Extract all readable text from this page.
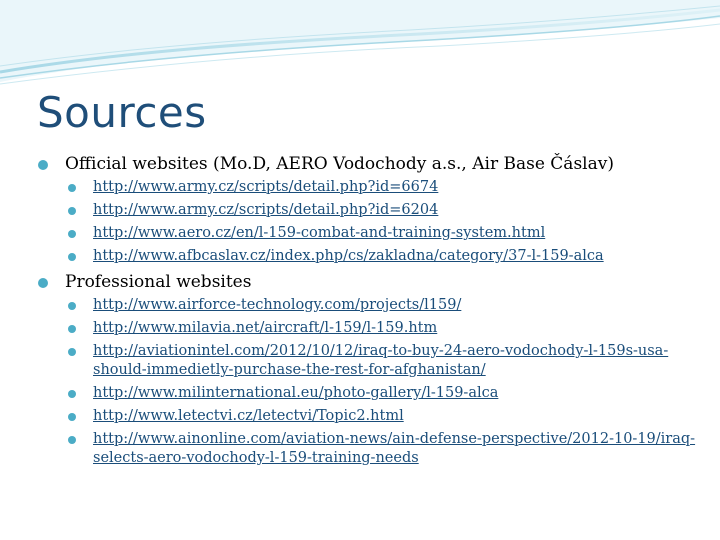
Sources
Official websites (Mo.D, AERO Vodochody a.s., Air Base Čáslav)
http://www.army.cz/scripts/detail.php?id=6674
http://www.army.cz/scripts/detail.php?id=6204
http://www.aero.cz/en/l-159-combat-and-training-system.html
http://www.afbcaslav.cz/index.php/cs/zakladna/category/37-l-159-alca
Professional websites
http://www.airforce-technology.com/projects/l159/
http://www.milavia.net/aircraft/l-159/l-159.htm
http://aviationintel.com/2012/10/12/iraq-to-buy-24-aero-vodochody-l-159s-usa-should-immedietly-purchase-the-rest-for-afghanistan/
http://www.milinternational.eu/photo-gallery/l-159-alca
http://www.letectvi.cz/letectvi/Topic2.html
http://www.ainonline.com/aviation-news/ain-defense-perspective/2012-10-19/iraq-selects-aero-vodochody-l-159-training-needs
